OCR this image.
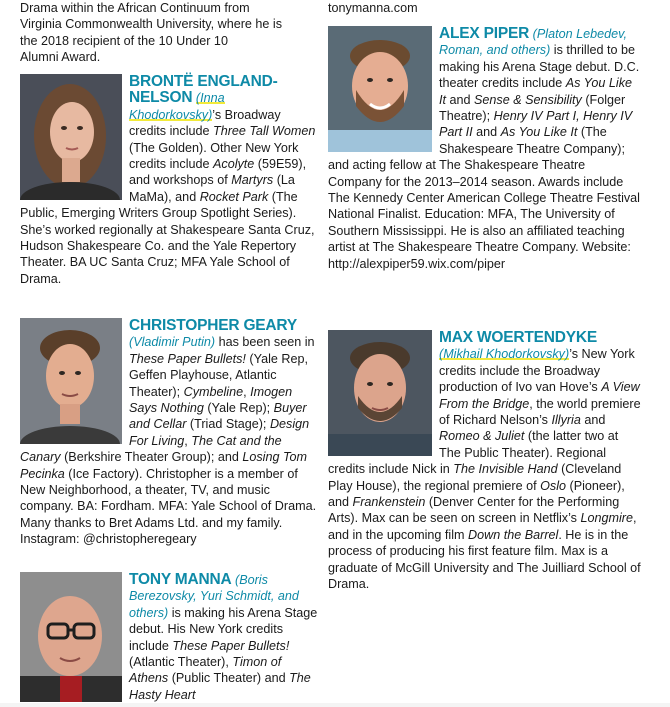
Drama within the African Continuum from
Virginia Commonwealth University, where he is
the 2018 recipient of the 10 Under 10
Alumni Award.
BRONTË ENGLAND-NELSON (Inna Khodorkovsky)’s Broadway credits include Three Tall Women (The Golden). Other New York credits include Acolyte (59E59), and workshops of Martyrs (La MaMa), and Rocket Park (The Public, Emerging Writers Group Spotlight Series). She’s worked regionally at Shakespeare Santa Cruz, Hudson Shakespeare Co. and the Yale Repertory Theater. BA UC Santa Cruz; MFA Yale School of Drama.
CHRISTOPHER GEARY (Vladimir Putin) has been seen in These Paper Bullets! (Yale Rep, Geffen Playhouse, Atlantic Theater); Cymbeline, Imogen Says Nothing (Yale Rep); Buyer and Cellar (Triad Stage); Design For Living, The Cat and the Canary (Berkshire Theater Group); and Losing Tom Pecinka (Ice Factory). Christopher is a member of New Neighborhood, a theater, TV, and music company. BA: Fordham. MFA: Yale School of Drama. Many thanks to Bret Adams Ltd. and my family. Instagram: @christopheregeary
TONY MANNA (Boris Berezovsky, Yuri Schmidt, and others) is making his Arena Stage debut. His New York credits include These Paper Bullets! (Atlantic Theater), Timon of Athens (Public Theater) and The Hasty Heart
tonymanna.com
ALEX PIPER (Platon Lebedev, Roman, and others) is thrilled to be making his Arena Stage debut. D.C. theater credits include As You Like It and Sense & Sensibility (Folger Theatre); Henry IV Part I, Henry IV Part II and As You Like It (The Shakespeare Theatre Company); and acting fellow at The Shakespeare Theatre Company for the 2013–2014 season. Awards include The Kennedy Center American College Theatre Festival National Finalist. Education: MFA, The University of Southern Mississippi. He is also an affiliated teaching artist at The Shakespeare Theatre Company. Website: http://alexpiper59.wix.com/piper
MAX WOERTENDYKE (Mikhail Khodorkovsky)’s New York credits include the Broadway production of Ivo van Hove’s A View From the Bridge, the world premiere of Richard Nelson’s Illyria and Romeo & Juliet (the latter two at The Public Theater). Regional credits include Nick in The Invisible Hand (Cleveland Play House), the regional premiere of Oslo (Pioneer), and Frankenstein (Denver Center for the Performing Arts). Max can be seen on screen in Netflix’s Longmire, and in the upcoming film Down the Barrel. He is in the process of producing his first feature film. Max is a graduate of McGill University and The Juilliard School of Drama.
